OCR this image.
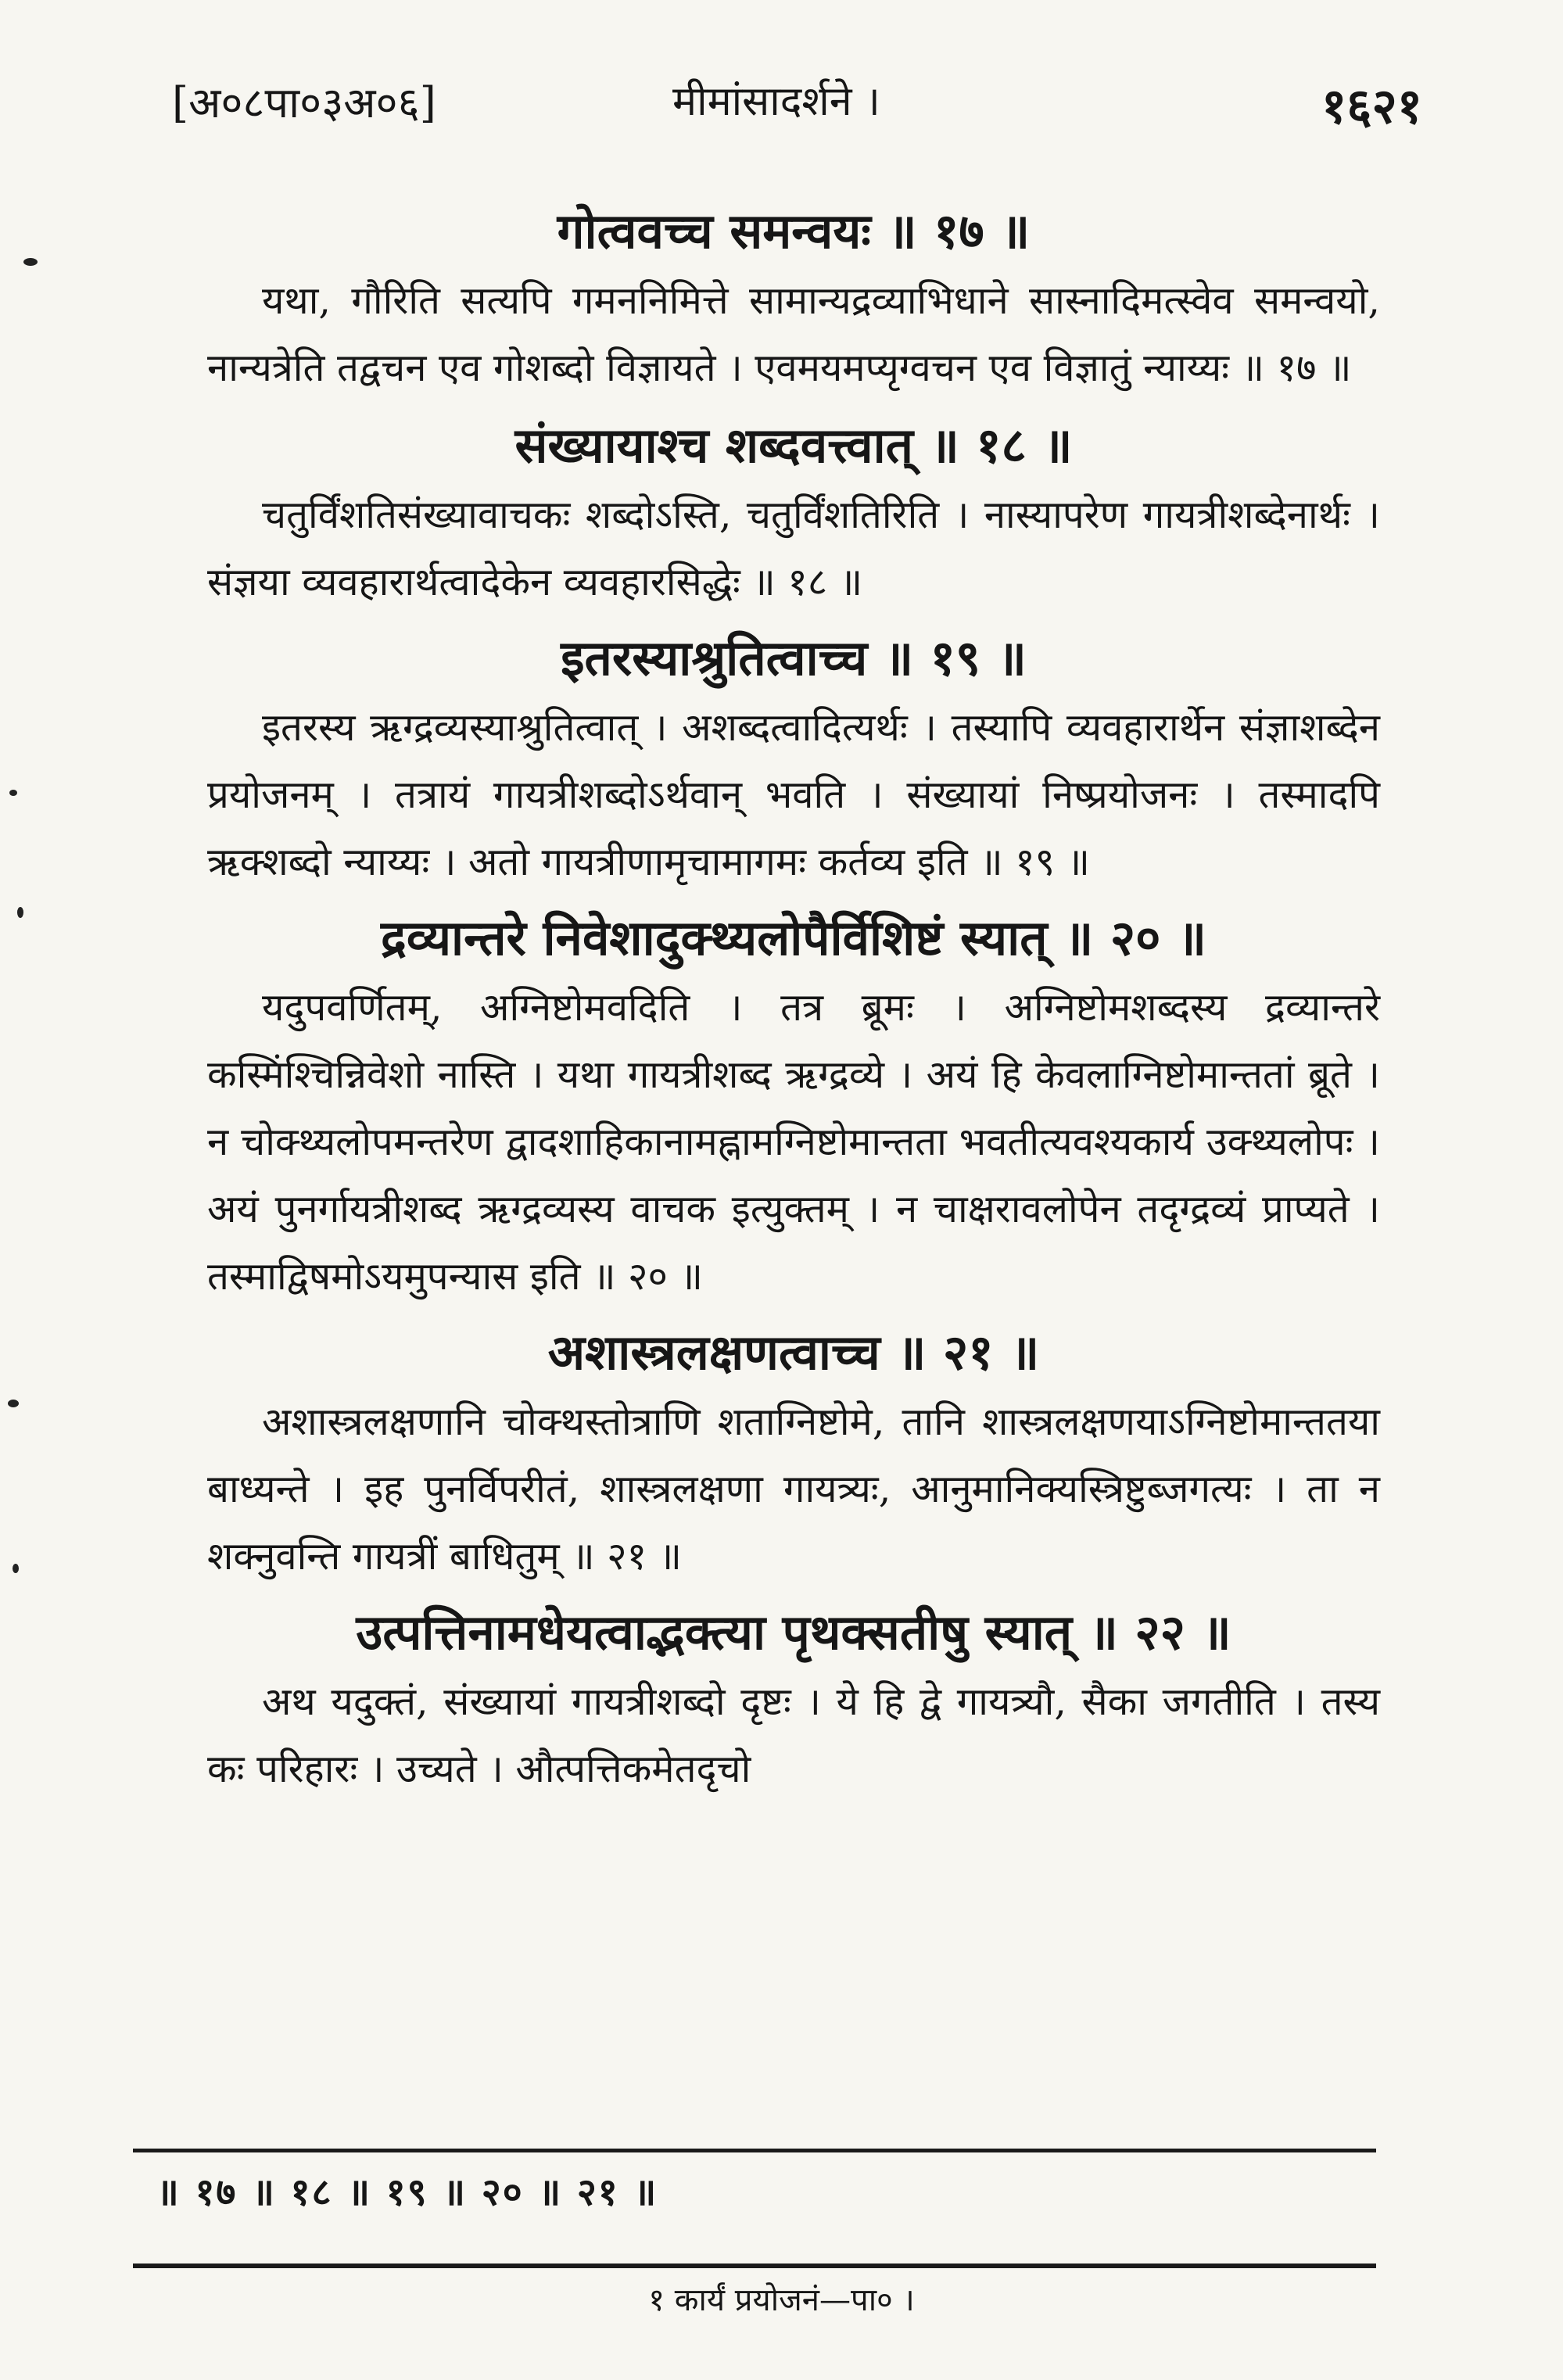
[अ०८पा०३अ०६]	मीमांसादर्शने ।	१६२१

गोत्ववच्च समन्वयः ॥ १७ ॥

यथा, गौरिति सत्यपि गमननिमित्ते सामान्यद्रव्याभिधाने सास्नादिमत्स्वेव समन्वयो, नान्यत्रेति तद्वचन एव गोशब्दो विज्ञायते । एवमयमप्यृग्वचन एव विज्ञातुं न्याय्यः ॥ १७ ॥

संख्यायाश्च शब्दवत्त्वात् ॥ १८ ॥

चतुर्विंशतिसंख्यावाचकः शब्दोऽस्ति, चतुर्विंशतिरिति । नास्यापरेण गायत्रीशब्देनार्थः । संज्ञया व्यवहारार्थत्वादेकेन व्यवहारसिद्धेः ॥ १८ ॥

इतरस्याश्रुतित्वाच्च ॥ १९ ॥

इतरस्य ऋग्द्रव्यस्याश्रुतित्वात् । अशब्दत्वादित्यर्थः । तस्यापि व्यवहारार्थेन संज्ञाशब्देन प्रयोजनम् । तत्रायं गायत्रीशब्दोऽर्थवान् भवति । संख्यायां निष्प्रयोजनः । तस्मादपि ऋक्शब्दो न्याय्यः । अतो गायत्रीणामृचामागमः कर्तव्य इति ॥ १९ ॥

द्रव्यान्तरे निवेशादुक्थ्यलोपैर्विशिष्टं स्यात् ॥ २० ॥

यदुपवर्णितम्, अग्निष्टोमवदिति । तत्र ब्रूमः । अग्निष्टोमशब्दस्य द्रव्यान्तरे कस्मिंश्चिन्निवेशो नास्ति । यथा गायत्रीशब्द ऋग्द्रव्ये । अयं हि केवलाग्निष्टोमान्ततां ब्रूते । न चोक्थ्यलोपमन्तरेण द्वादशाहिकानामह्नामग्निष्टोमान्तता भवतीत्यवश्यकार्य उक्थ्यलोपः । अयं पुनर्गायत्रीशब्द ऋग्द्रव्यस्य वाचक इत्युक्तम् । न चाक्षरावलोपेन तदृग्द्रव्यं प्राप्यते । तस्माद्विषमोऽयमुपन्यास इति ॥ २० ॥

अशास्त्रलक्षणत्वाच्च ॥ २१ ॥

अशास्त्रलक्षणानि चोक्थस्तोत्राणि शताग्निष्टोमे, तानि शास्त्रलक्षणयाऽग्निष्टोमान्ततया बाध्यन्ते । इह पुनर्विपरीतं, शास्त्रलक्षणा गायत्र्यः, आनुमानिक्यस्त्रिष्टुब्जगत्यः । ता न शक्नुवन्ति गायत्रीं बाधितुम् ॥ २१ ॥

उत्पत्तिनामधेयत्वाद्भक्त्या पृथक्सतीषु स्यात् ॥ २२ ॥

अथ यदुक्तं, संख्यायां गायत्रीशब्दो दृष्टः । ये हि द्वे गायत्र्यौ, सैका जगतीति । तस्य कः परिहारः । उच्यते । औत्पत्तिकमेतदृचो

॥ १७ ॥ १८ ॥ १९ ॥ २० ॥ २१ ॥
१ कार्यं प्रयोजनं—पा० ।
